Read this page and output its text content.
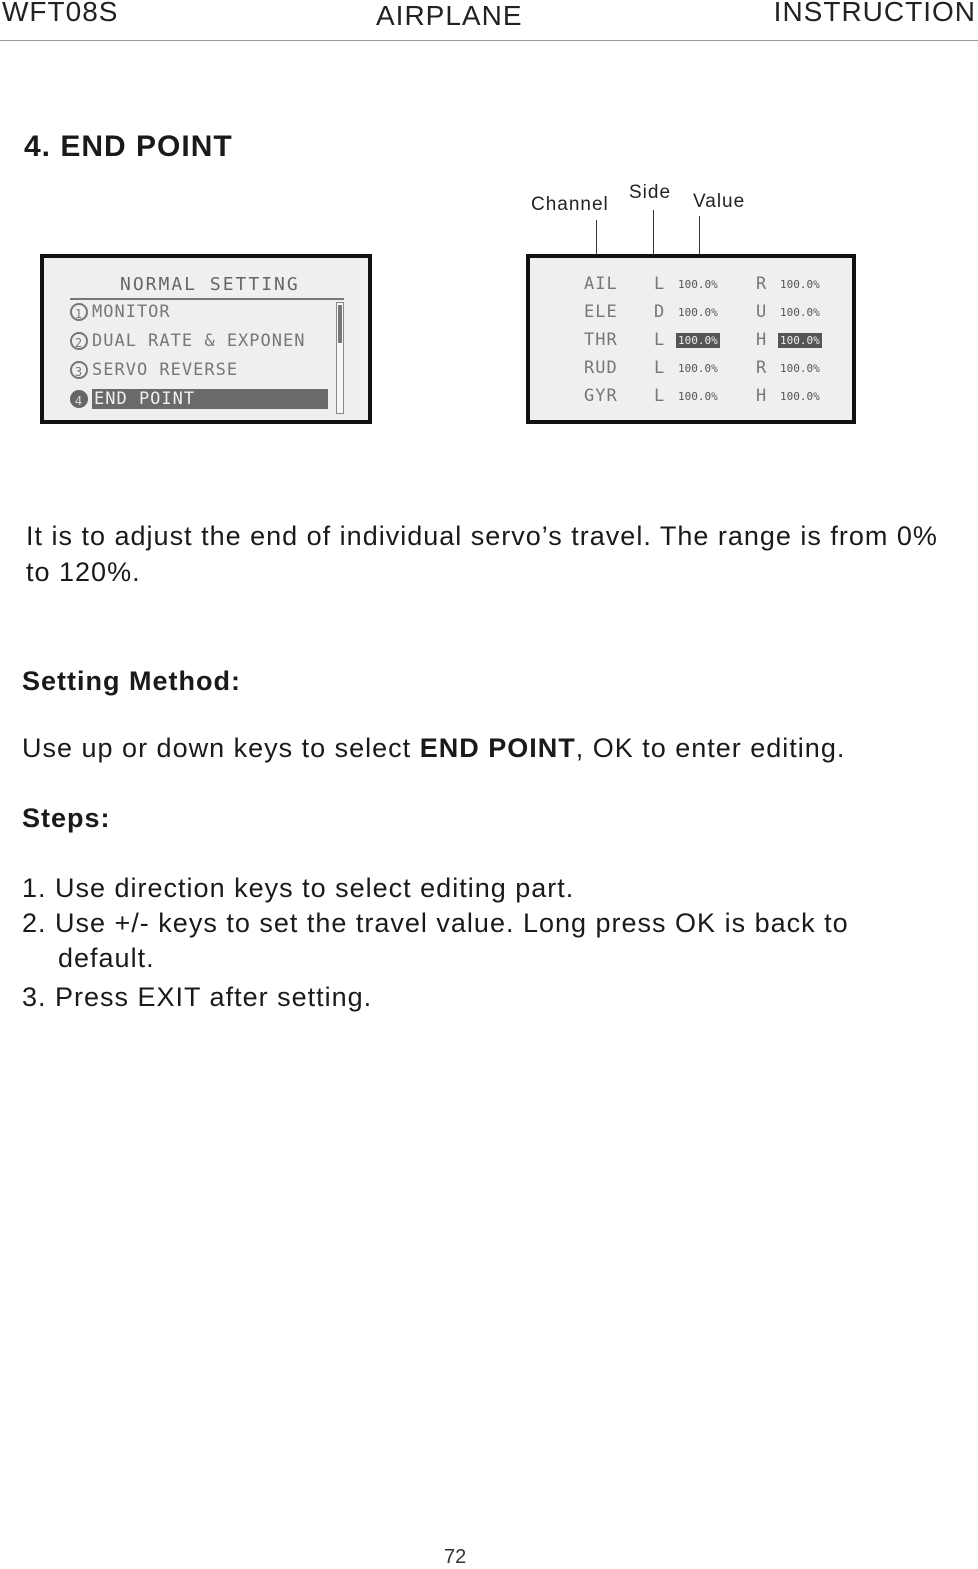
WFT08S	AIRPLANE	INSTRUCTION
4. END POINT
Channel
Side Value
NORMAL SETTING
1 MONITOR
2 DUAL RATE & EXPONEN
3 SERVO REVERSE
4 END POINT
AIL L 100.0% R 100.0%
ELE D 100.0% U 100.0%
THR L 100.0% H 100.0%
RUD L 100.0% R 100.0%
GYR L 100.0% H 100.0%
It is to adjust the end of individual servo’s travel. The range is from 0% to 120%.
Setting Method:
Use up or down keys to select END POINT, OK to enter editing.
Steps:
1. Use direction keys to select editing part.
2. Use +/- keys to set the travel value. Long press OK is back to
default.
3. Press EXIT after setting.
72
